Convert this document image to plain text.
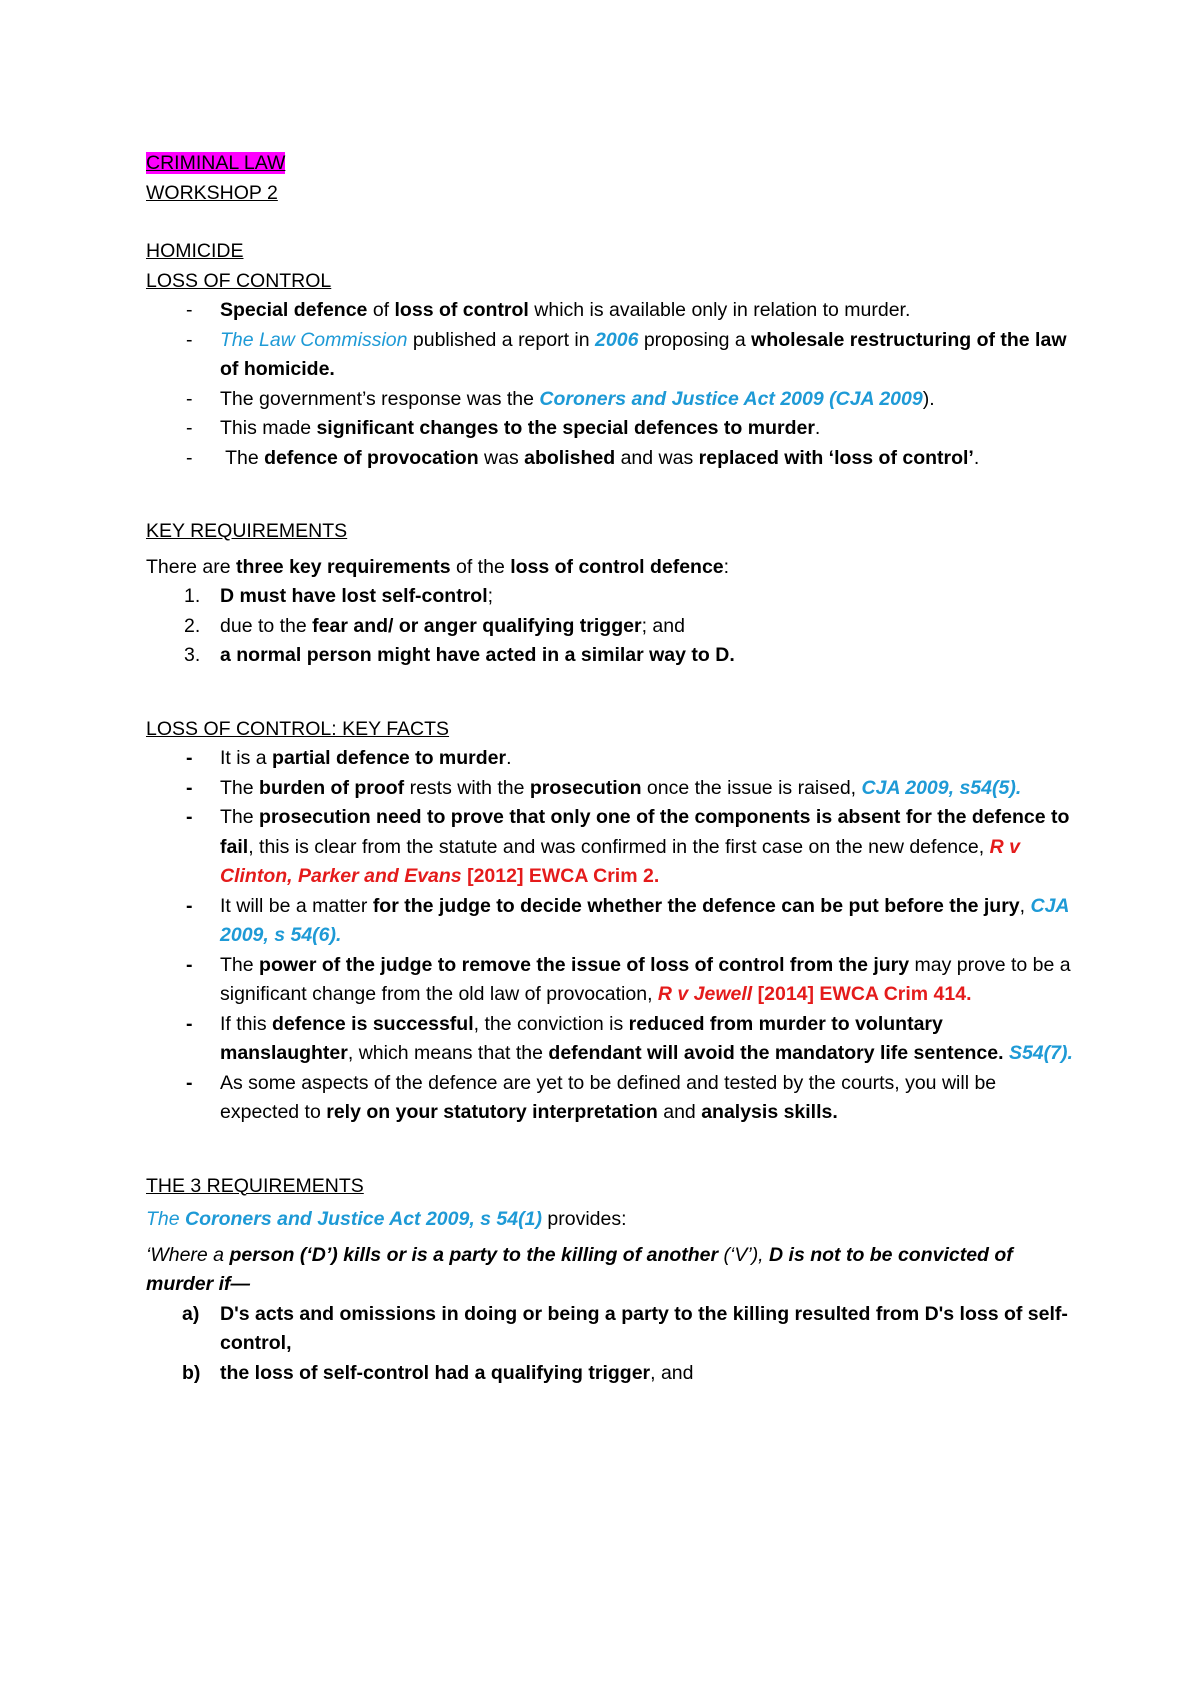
CRIMINAL LAW

WORKSHOP 2

HOMICIDE

LOSS OF CONTROL

- Special defence of loss of control which is available only in relation to murder.
- The Law Commission published a report in 2006 proposing a wholesale restructuring of the law of homicide.
- The government’s response was the Coroners and Justice Act 2009 (CJA 2009).
- This made significant changes to the special defences to murder.
- The defence of provocation was abolished and was replaced with ‘loss of control’.

KEY REQUIREMENTS

There are three key requirements of the loss of control defence:

1. D must have lost self-control;
2. due to the fear and/ or anger qualifying trigger; and
3. a normal person might have acted in a similar way to D.

LOSS OF CONTROL: KEY FACTS

- It is a partial defence to murder.
- The burden of proof rests with the prosecution once the issue is raised, CJA 2009, s54(5).
- The prosecution need to prove that only one of the components is absent for the defence to fail, this is clear from the statute and was confirmed in the first case on the new defence, R v Clinton, Parker and Evans [2012] EWCA Crim 2.
- It will be a matter for the judge to decide whether the defence can be put before the jury, CJA 2009, s 54(6).
- The power of the judge to remove the issue of loss of control from the jury may prove to be a significant change from the old law of provocation, R v Jewell [2014] EWCA Crim 414.
- If this defence is successful, the conviction is reduced from murder to voluntary manslaughter, which means that the defendant will avoid the mandatory life sentence. S54(7).
- As some aspects of the defence are yet to be defined and tested by the courts, you will be expected to rely on your statutory interpretation and analysis skills.

THE 3 REQUIREMENTS

The Coroners and Justice Act 2009, s 54(1) provides:

‘Where a person (‘D’) kills or is a party to the killing of another (‘V’), D is not to be convicted of murder if—

a) D's acts and omissions in doing or being a party to the killing resulted from D's loss of self-control,
b) the loss of self-control had a qualifying trigger, and
